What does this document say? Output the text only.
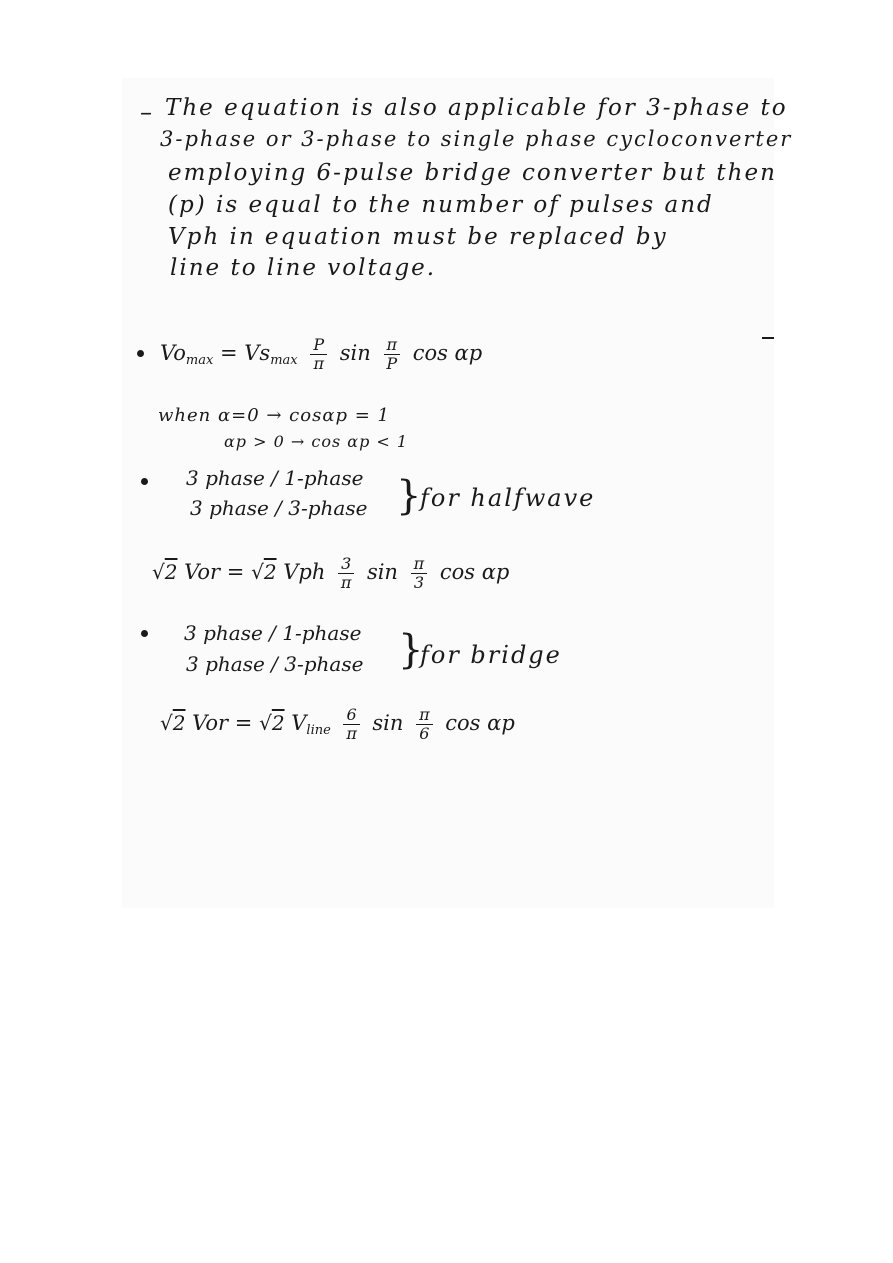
– The equation is also applicable for 3-phase to
3-phase or 3-phase to single phase cycloconverter
employing 6-pulse bridge converter but then
(p) is equal to the number of pulses and
Vph in equation must be replaced by
line to line voltage.
Vomax = Vsmax $\frac{P}{\pi}$ $\sin \frac{\pi}{P}$ cos αp
when α=0 → cosαp = 1
αp > 0 → cos αp < 1
3 phase / 1-phase
3 phase / 3-phase }
for halfwave
√2 Vor = √2 Vph $\frac{3}{\pi}$ $\sin \frac{\pi}{3}$ cos αp
3 phase / 1-phase
3 phase / 3-phase }
for bridge
√2 Vor = √2 Vline $\frac{6}{\pi}$ $\sin \frac{\pi}{6}$ cos αp
